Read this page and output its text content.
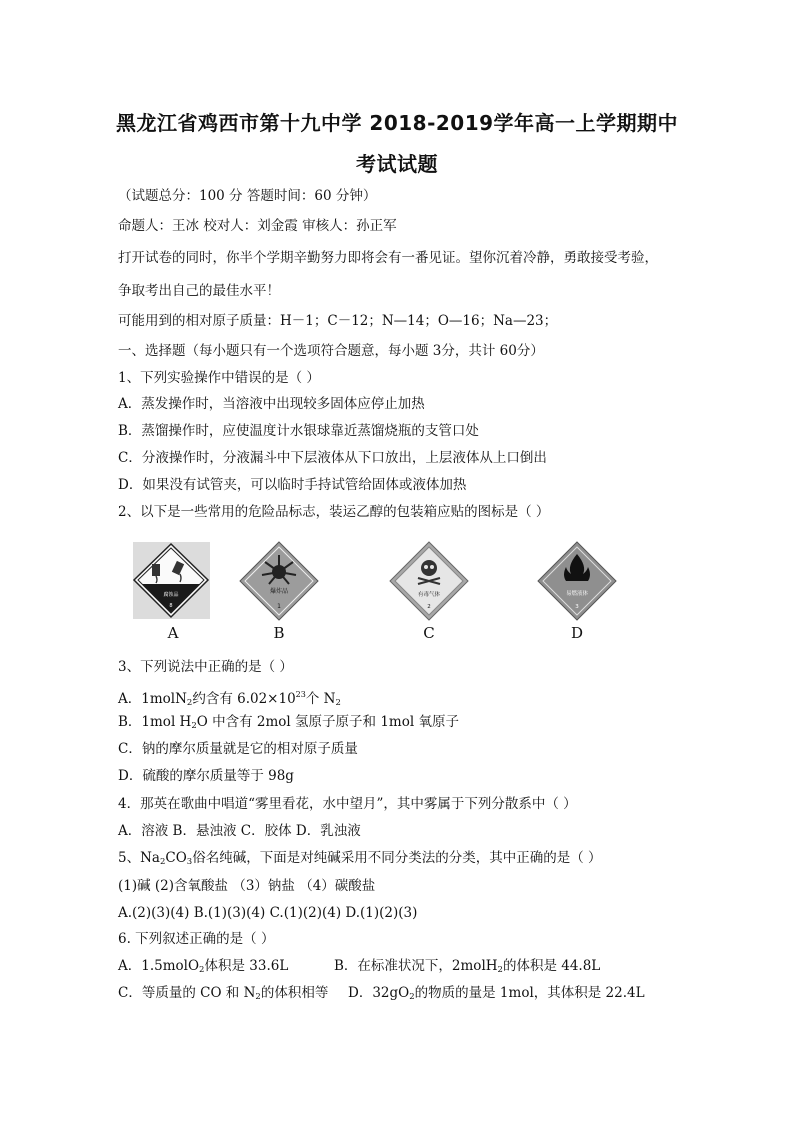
黑龙江省鸡西市第十九中学 2018-2019学年高一上学期期中
考试试题
（试题总分：100 分 答题时间：60 分钟）
命题人：王冰 校对人：刘金霞 审核人：孙正军
打开试卷的同时，你半个学期辛勤努力即将会有一番见证。望你沉着冷静，勇敢接受考验，
争取考出自己的最佳水平！
可能用到的相对原子质量：H－1；C－12；N—14；O—16；Na—23；
一、选择题（每小题只有一个选项符合题意，每小题 3分，共计 60分）
1、下列实验操作中错误的是（ ）
A．蒸发操作时，当溶液中出现较多固体应停止加热
B．蒸馏操作时，应使温度计水银球靠近蒸馏烧瓶的支管口处
C．分液操作时，分液漏斗中下层液体从下口放出，上层液体从上口倒出
D．如果没有试管夹，可以临时手持试管给固体或液体加热
2、以下是一些常用的危险品标志，装运乙醇的包装箱应贴的图标是（ ）
腐蚀品
8
A
爆炸品
1
B
有毒气体
2
C
易燃液体
3
D
3、下列说法中正确的是（ ）
A．1molN$_2$约含有 $6.02\times 10^{23}$个 $N_2$
B．1mol $H_2O$ 中含有 2mol 氢原子原子和 1mol 氧原子
C．钠的摩尔质量就是它的相对原子质量
D．硫酸的摩尔质量等于 98g
4．那英在歌曲中唱道“雾里看花，水中望月”，其中雾属于下列分散系中（ ）
A．溶液 B．悬浊液 C．胶体 D．乳浊液
5、$Na_2CO_3$俗名纯碱，下面是对纯碱采用不同分类法的分类，其中正确的是（ ）
(1)碱 (2)含氧酸盐 （3）钠盐 （4）碳酸盐
A.(2)(3)(4) B.(1)(3)(4) C.(1)(2)(4) D.(1)(2)(3)
6. 下列叙述正确的是（ ）
A．1.5molO$_2$体积是 33.6L	B．在标准状况下，2molH$_2$的体积是 44.8L
C．等质量的 CO 和 $N_2$的体积相等 D．$32gO_2$的物质的量是 1mol，其体积是 22.4L
